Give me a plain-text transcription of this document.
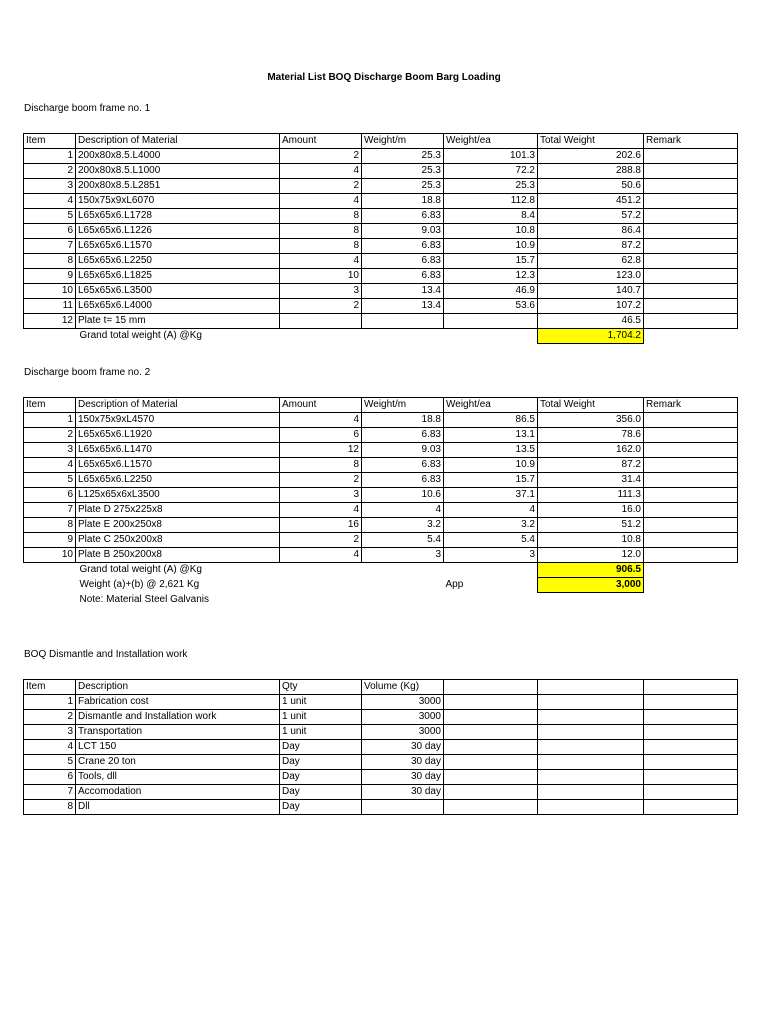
Material List BOQ Discharge Boom Barg Loading
Discharge boom frame no. 1
Item	Description of Material	Amount	Weight/m	Weight/ea	Total Weight	Remark
1	200x80x8.5.L4000	2	25.3	101.3	202.6	
2	200x80x8.5.L1000	4	25.3	72.2	288.8	
3	200x80x8.5.L2851	2	25.3	25.3	50.6	
4	150x75x9xL6070	4	18.8	112.8	451.2	
5	L65x65x6.L1728	8	6.83	8.4	57.2	
6	L65x65x6.L1226	8	9.03	10.8	86.4	
7	L65x65x6.L1570	8	6.83	10.9	87.2	
8	L65x65x6.L2250	4	6.83	15.7	62.8	
9	L65x65x6.L1825	10	6.83	12.3	123.0	
10	L65x65x6.L3500	3	13.4	46.9	140.7	
11	L65x65x6.L4000	2	13.4	53.6	107.2	
12	Plate t= 15 mm				46.5	
	Grand total weight (A) @Kg				1,704.2	
Discharge boom frame no. 2
Item	Description of Material	Amount	Weight/m	Weight/ea	Total Weight	Remark
1	150x75x9xL4570	4	18.8	86.5	356.0	
2	L65x65x6.L1920	6	6.83	13.1	78.6	
3	L65x65x6.L1470	12	9.03	13.5	162.0	
4	L65x65x6.L1570	8	6.83	10.9	87.2	
5	L65x65x6.L2250	2	6.83	15.7	31.4	
6	L125x65x6xL3500	3	10.6	37.1	111.3	
7	Plate D 275x225x8	4	4	4	16.0	
8	Plate E 200x250x8	16	3.2	3.2	51.2	
9	Plate C 250x200x8	2	5.4	5.4	10.8	
10	Plate B 250x200x8	4	3	3	12.0	
	Grand total weight (A) @Kg				906.5	
	Weight (a)+(b) @ 2,621 Kg			App	3,000	
	Note: Material Steel Galvanis					
BOQ Dismantle and Installation work
Item	Description	Qty	Volume (Kg)			
1	Fabrication cost	1 unit	3000			
2	Dismantle and Installation work	1 unit	3000			
3	Transportation	1 unit	3000			
4	LCT 150	Day	30 day			
5	Crane 20 ton	Day	30 day			
6	Tools, dll	Day	30 day			
7	Accomodation	Day	30 day			
8	Dll	Day				
